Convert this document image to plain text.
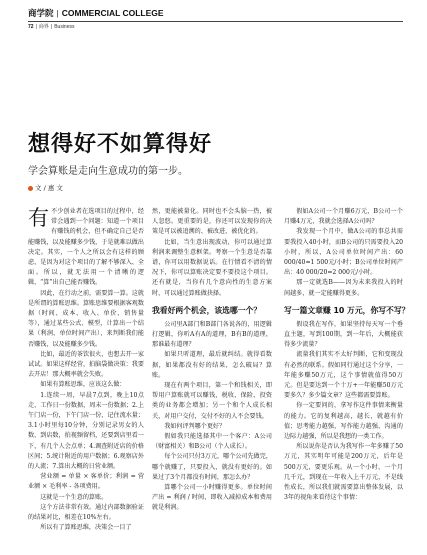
商学院 | COMMERCIAL COLLEGE
72 | 商界 | Business
想得好不如算得好
学会算账是走向生意成功的第一步。
文 / 惠 文

有不少创业者在选项目的过程中，经常会遇到一个问题：知道一个项目有赚钱的机会，但不确定自己是否能赚钱，以及能赚多少钱，于是就难以做出决定。其实，一个人之所以会有这样的顾虑，是因为对这个项目的了解不够深入、全面。所以，就无法用一个清晰的逻辑，“算”出自己能否赚钱。

因此，在行动之前，需要算一算。这就是所谓的算账思维。算账思维要根据客观数据（时间、成本、收入、单价、销售量等），通过某些公式、模型，计算出一个结果（利润、单位时间产出），来判断我们能否赚钱，以及能赚多少钱。

比如，最近的茶饮很火，也想去开一家试试。如果这样经营，拍脑袋做决策：我要去开店！那大概率就会失败。

如果有算账思维，应该这么做：

1.连续一周，早晨7点到，晚上10点走，工作日一份数据，周末一份数据；2.上午门店一份，下午门店一份，记住流水量；3.1小时里每10分钟，分别记录男女的人数、到店数，拍视频留档，还要到店里看一下，有几个人会点单；4.调查附近店的价格区间；5.统计附近的用户数据；6.观察店外的人流；7.算出大概的日营业额。

营业额 = 单量 × 客单价；利润 = 营业额 × 毛利率 - 各项费用。

这就是一个生意的算账。

这个方法非常有效。通过内部数据验证的结果对比，相差在10%左右。

所以有了算账思维，决策会一目了

然，更能被量化。同时也不会头脑一热，被人忽悠。更重要的是，你还可以发现你的决策是可以被追溯的、被改进、被优化的。

比如，当生意出现波动，你可以通过算利润来调整生意框架。考察一个生意是否靠谱，你可以用数据说话。在行情看不清的情况下，你可以算账决定要不要投这个项目。还有就是，当你有几个意向性的生意方案时，可以通过算账做抉择。

我看好两个机会，该选哪一个？

公司里A部门和B部门各说各的，用逻辑打逻辑，你听A有A的道理，B有B的道理，那谁最有道理？

如果只听道理，最后就纠结。就得看数据，如果都没有好的结果，怎么破局？算账。

现在有两个项目，第一个和钱相关，即帮用户算账就可以赚钱，税收、保险、投资类的业务都会增加；另一个和个人成长相关，对用户交付，交付不好的人不会要钱。

我如何评判哪个更好？

假如我只能选择其中一个客户：A公司（财富相关）和B公司（个人成长）。

每个公司只付3万元，哪个公司先做完，哪个就赚了，只要投入，就没有更好的。如果过了3个月都没有时间，那怎么办？

算哪个公司一小时赚得更多。单位时间产出 = 利润 / 时间，即收入减掉成本和费用就是利润。

假如A公司一个月赚6万元，B公司一个月赚4万元，我就会选择A公司吗？

我发现一个月中，做A公司的事总共需要我投入40小时，而B公司的只需要投入20小时，所以，A公司单位时间产出：60 000/40=1 500元/小时；B公司单位时间产出：40 000/20=2 000元/小时。

那一定就选B——因为未来我投入的时间越多，就一定能赚得更多。

写一篇文章赚 10 万元，你写不写？

假设我在写作，如果坚持每天写一个垂直主题，写到100期，到一年后，大概能获得多少流量？

流量我们其实不太好判断，它和变现没有必然的联系。假如同行通过这个分享，一年能多赚50万元，这个事情就值得50万元。但是要达到一个十万+一年能赚50万元要多久？多少篇文章？这些都需要算账。

你一定要问的，拿写作这件事情来衡量的能力。它的复利越高，越长，就越有价值；思考能力越强，写作能力越强，沟通的边际力越强，所以是我想的一类工作。

所以说你是否认为我写作一年多赚了50万元，其实明年可能是200万元，后年是500万元，要更乐观。从一个小时、一个月几千元，到现在一年收入上千万元，不是线性成长，所以我们就需要算出整体发展，以3年的视角来看待这个事情：
